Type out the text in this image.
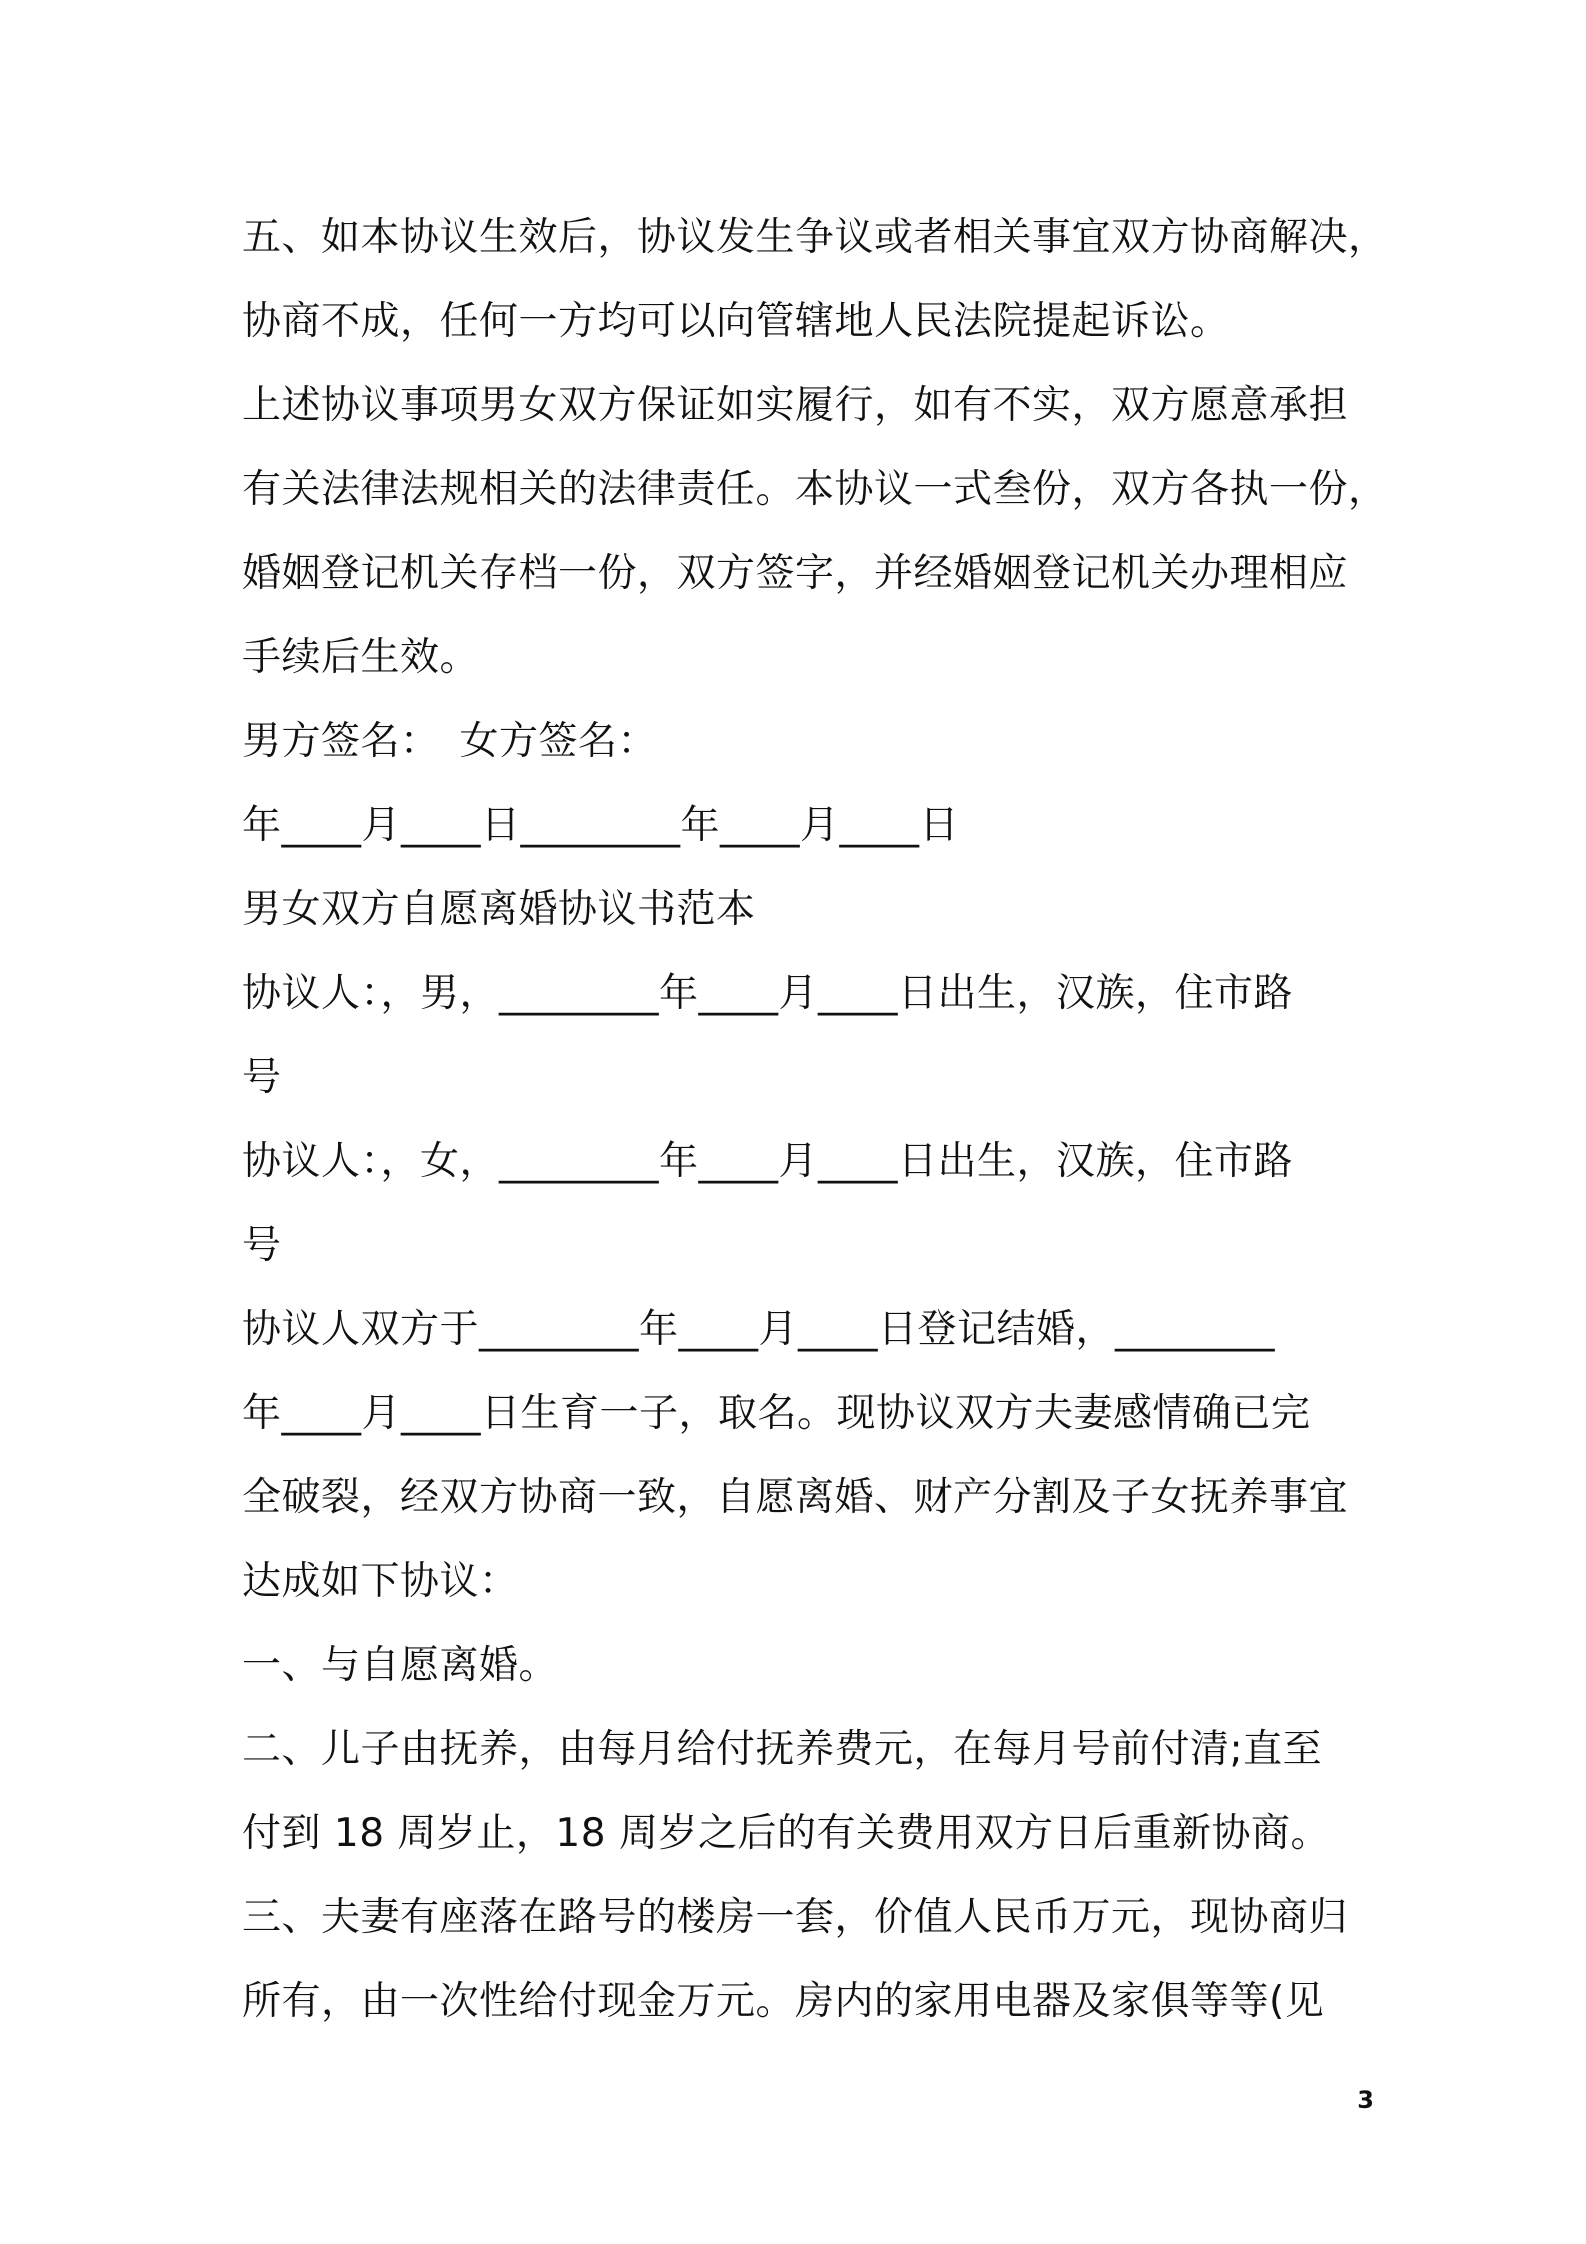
五、如本协议生效后，协议发生争议或者相关事宜双方协商解决，
协商不成，任何一方均可以向管辖地人民法院提起诉讼。
上述协议事项男女双方保证如实履行，如有不实，双方愿意承担
有关法律法规相关的法律责任。本协议一式叁份，双方各执一份，
婚姻登记机关存档一份，双方签字，并经婚姻登记机关办理相应
手续后生效。
男方签名：　女方签名：
年____月____日________年____月____日
男女双方自愿离婚协议书范本
协议人：，男，________年____月____日出生，汉族，住市路
号
协议人：，女，________年____月____日出生，汉族，住市路
号
协议人双方于________年____月____日登记结婚，________
年____月____日生育一子，取名。现协议双方夫妻感情确已完
全破裂，经双方协商一致，自愿离婚、财产分割及子女抚养事宜
达成如下协议：
一、与自愿离婚。
二、儿子由抚养，由每月给付抚养费元，在每月号前付清;直至
付到 18 周岁止，18 周岁之后的有关费用双方日后重新协商。
三、夫妻有座落在路号的楼房一套，价值人民币万元，现协商归
所有，由一次性给付现金万元。房内的家用电器及家俱等等(见
3
